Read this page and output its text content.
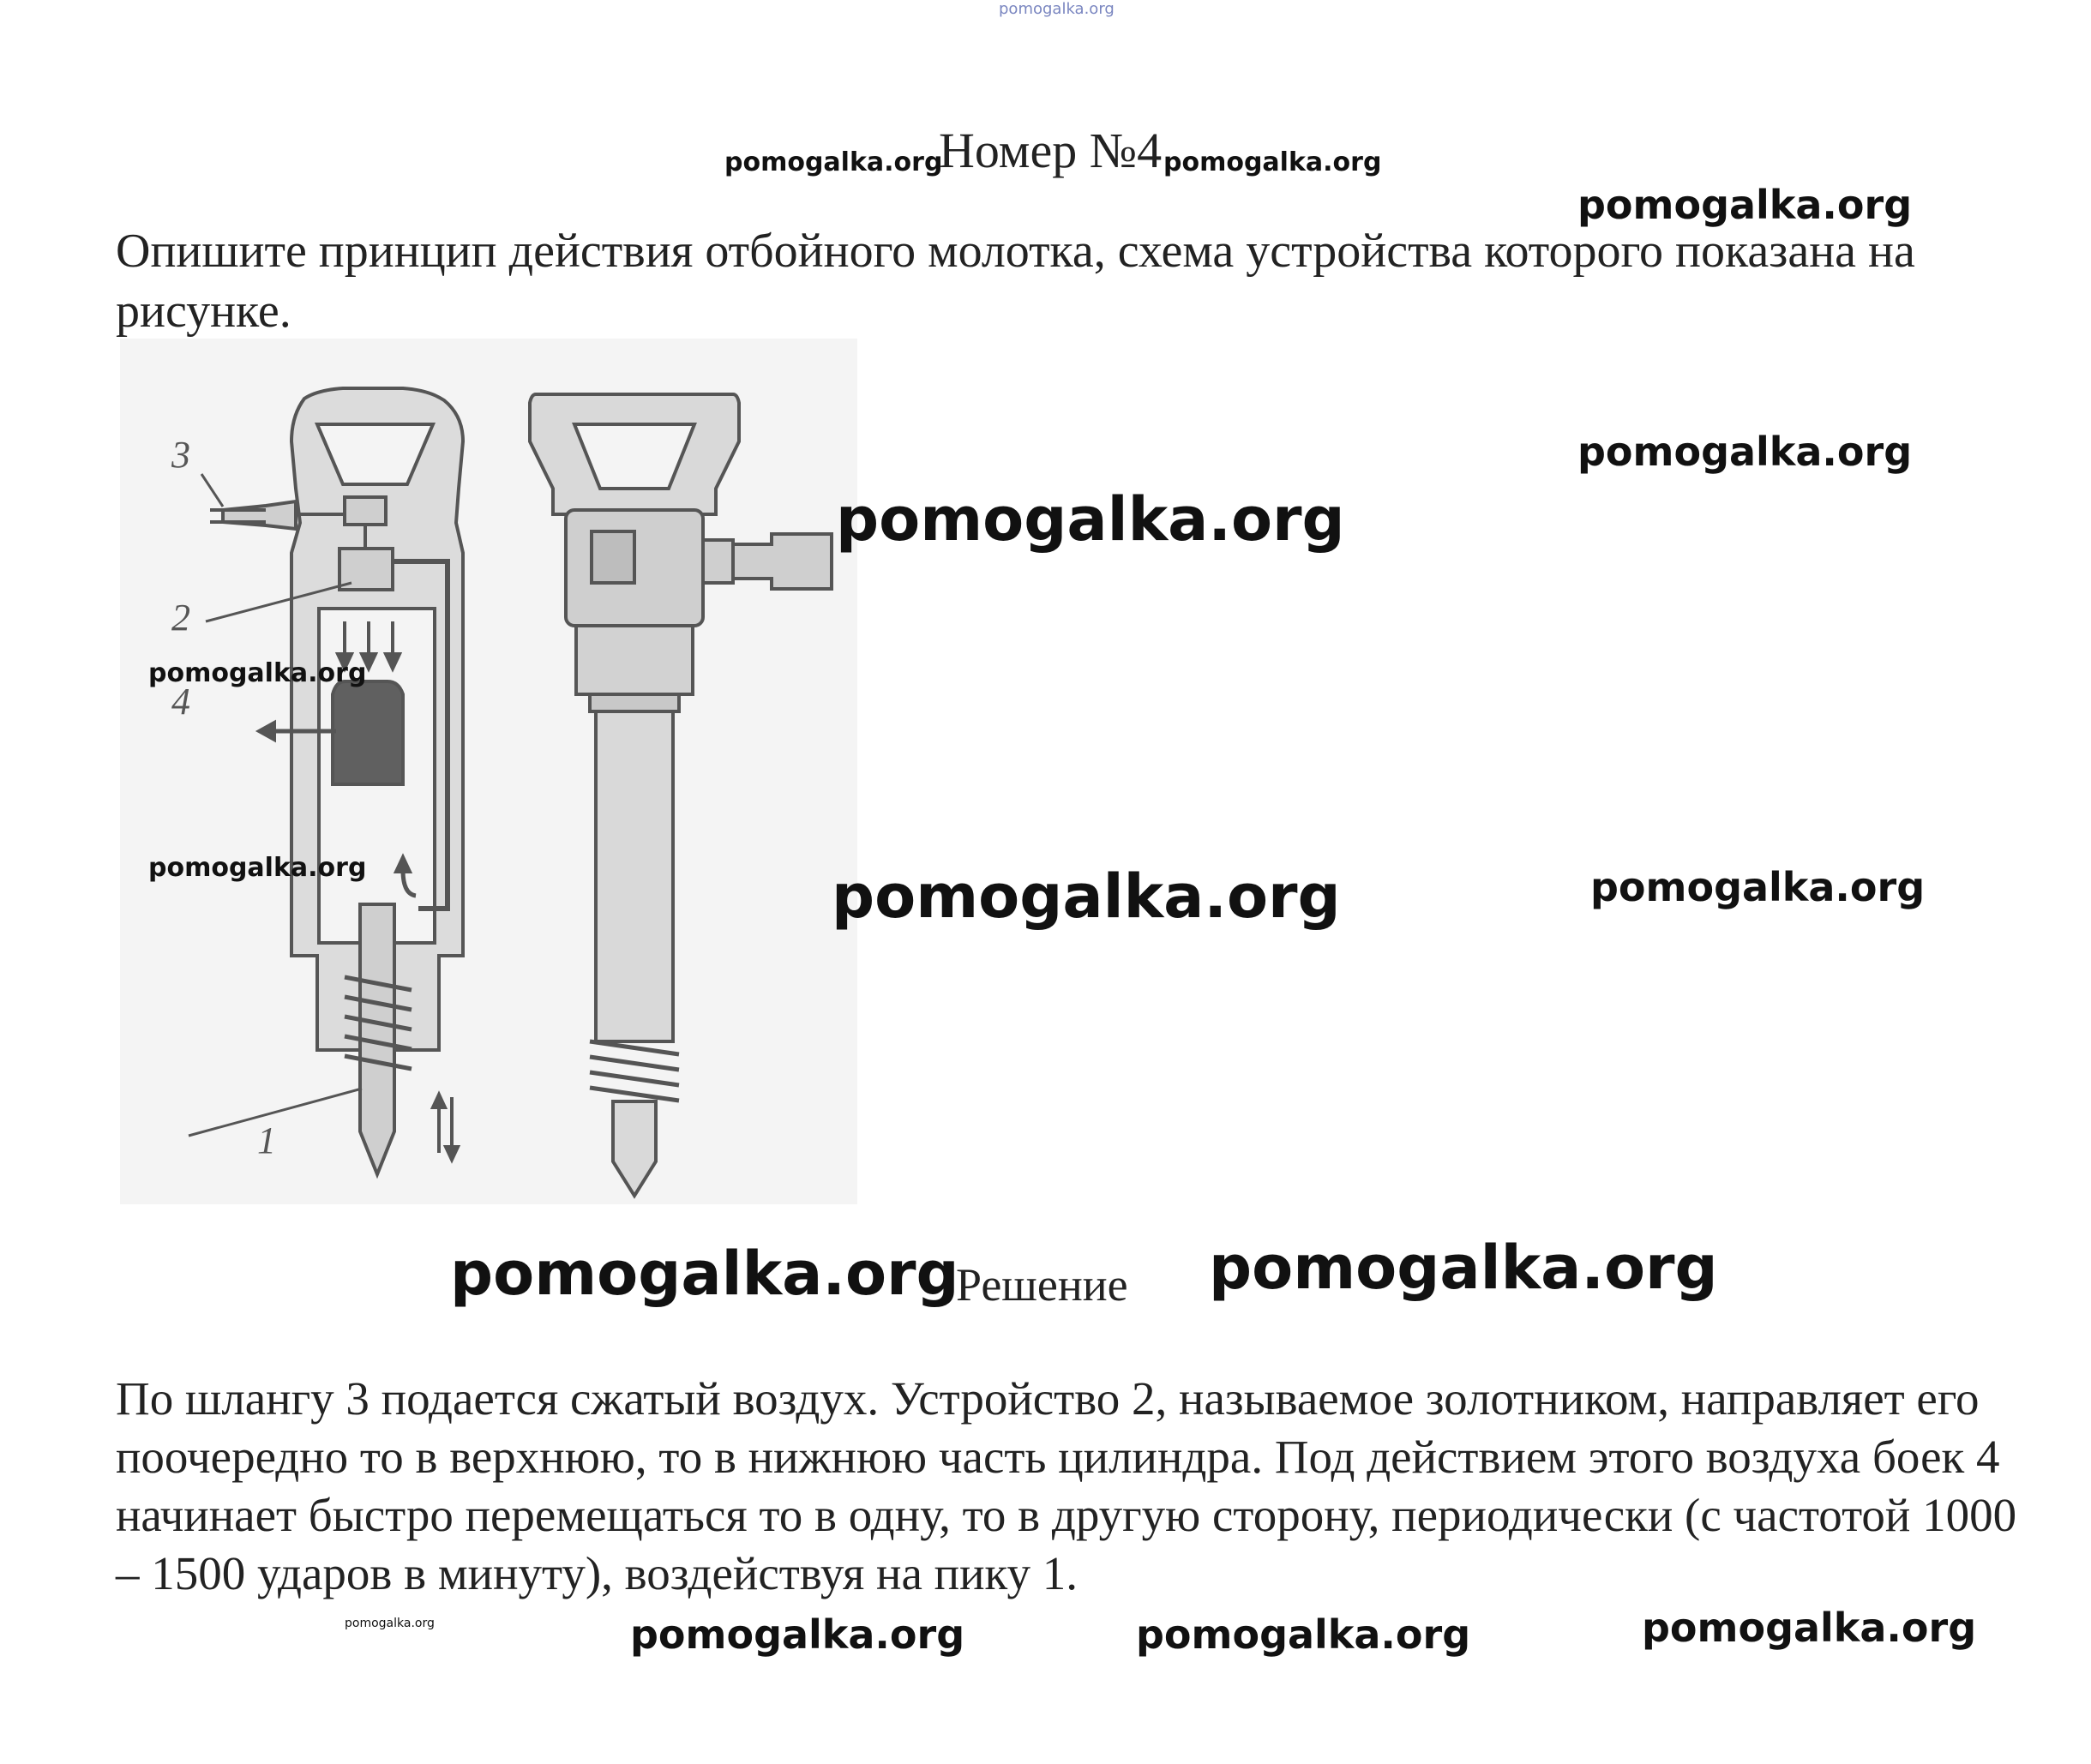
pomogalka.org
pomogalka.org	pomogalka.org
pomogalka.org
pomogalka.org
3
2
4
1
pomogalka.org
pomogalka.org
pomogalka.org	pomogalka.org	pomogalka.org
Номер №4

Опишите принцип действия отбойного молотка, схема устройства которого показана на рисунке.

pomogalka.org
Решение pomogalka.org

По шлангу 3 подается сжатый воздух. Устройство 2, называемое золотником, направляет его поочередно то в верхнюю, то в нижнюю часть цилиндра. Под действием этого воздуха боек 4 начинает быстро перемещаться то в одну, то в другую сторону, периодически (с частотой 1000 – 1500 ударов в минуту), воздействуя на пику 1.

pomogalka.org	pomogalka.org	pomogalka.org	pomogalka.org
